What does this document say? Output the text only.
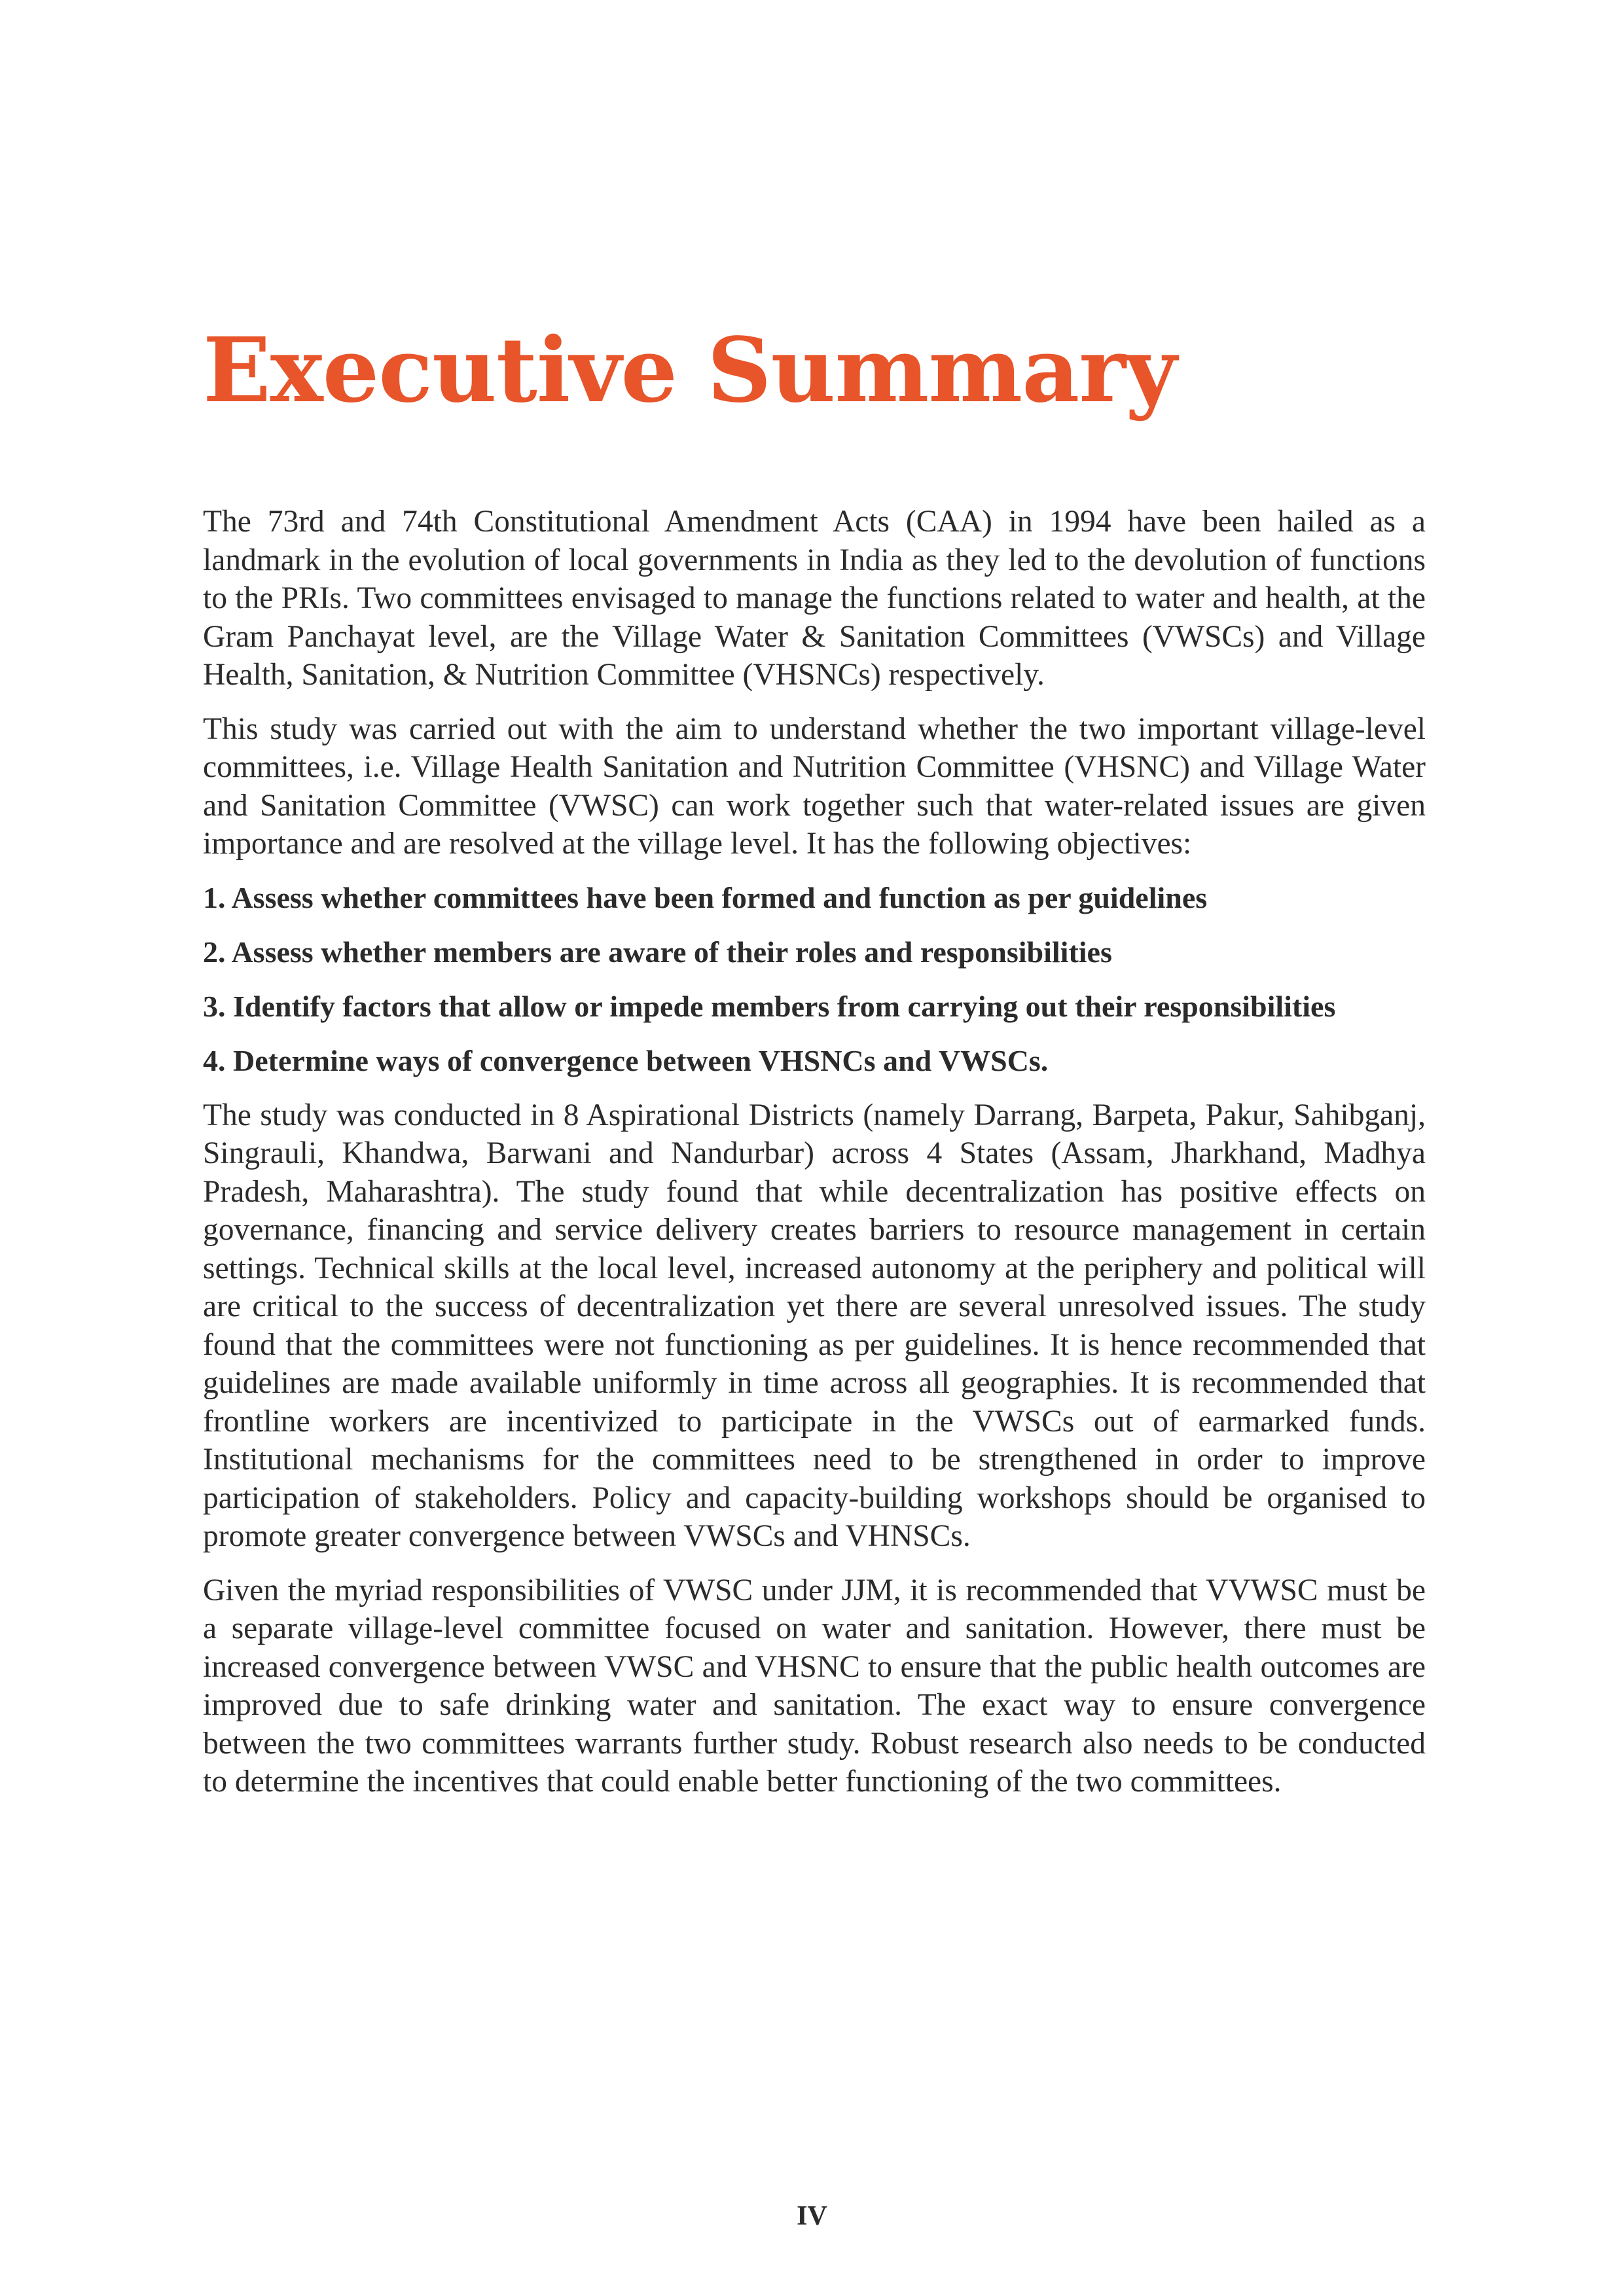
Executive Summary

The 73rd and 74th Constitutional Amendment Acts (CAA) in 1994 have been hailed as a landmark in the evolution of local governments in India as they led to the devolution of functions to the PRIs. Two committees envisaged to manage the functions related to water and health, at the Gram Panchayat level, are the Village Water & Sanitation Committees (VWSCs) and Village Health, Sanitation, & Nutrition Committee (VHSNCs) respectively.

This study was carried out with the aim to understand whether the two important village-level committees, i.e. Village Health Sanitation and Nutrition Committee (VHSNC) and Village Water and Sanitation Committee (VWSC) can work together such that water-related issues are given importance and are resolved at the village level. It has the following objectives:

1. Assess whether committees have been formed and function as per guidelines
2. Assess whether members are aware of their roles and responsibilities
3. Identify factors that allow or impede members from carrying out their responsibilities
4. Determine ways of convergence between VHSNCs and VWSCs.

The study was conducted in 8 Aspirational Districts (namely Darrang, Barpeta, Pakur, Sahibganj, Singrauli, Khandwa, Barwani and Nandurbar) across 4 States (Assam, Jharkhand, Madhya Pradesh, Maharashtra). The study found that while decentralization has positive effects on governance, financing and service delivery creates barriers to resource management in certain settings. Technical skills at the local level, increased autonomy at the periphery and political will are critical to the success of decentralization yet there are several unresolved issues. The study found that the committees were not functioning as per guidelines. It is hence recommended that guidelines are made available uniformly in time across all geographies. It is recommended that frontline workers are incentivized to participate in the VWSCs out of earmarked funds. Institutional mechanisms for the committees need to be strengthened in order to improve participation of stakeholders. Policy and capacity-building workshops should be organised to promote greater convergence between VWSCs and VHNSCs.

Given the myriad responsibilities of VWSC under JJM, it is recommended that VVWSC must be a separate village-level committee focused on water and sanitation. However, there must be increased convergence between VWSC and VHSNC to ensure that the public health outcomes are improved due to safe drinking water and sanitation. The exact way to ensure convergence between the two committees warrants further study. Robust research also needs to be conducted to determine the incentives that could enable better functioning of the two committees.

IV
